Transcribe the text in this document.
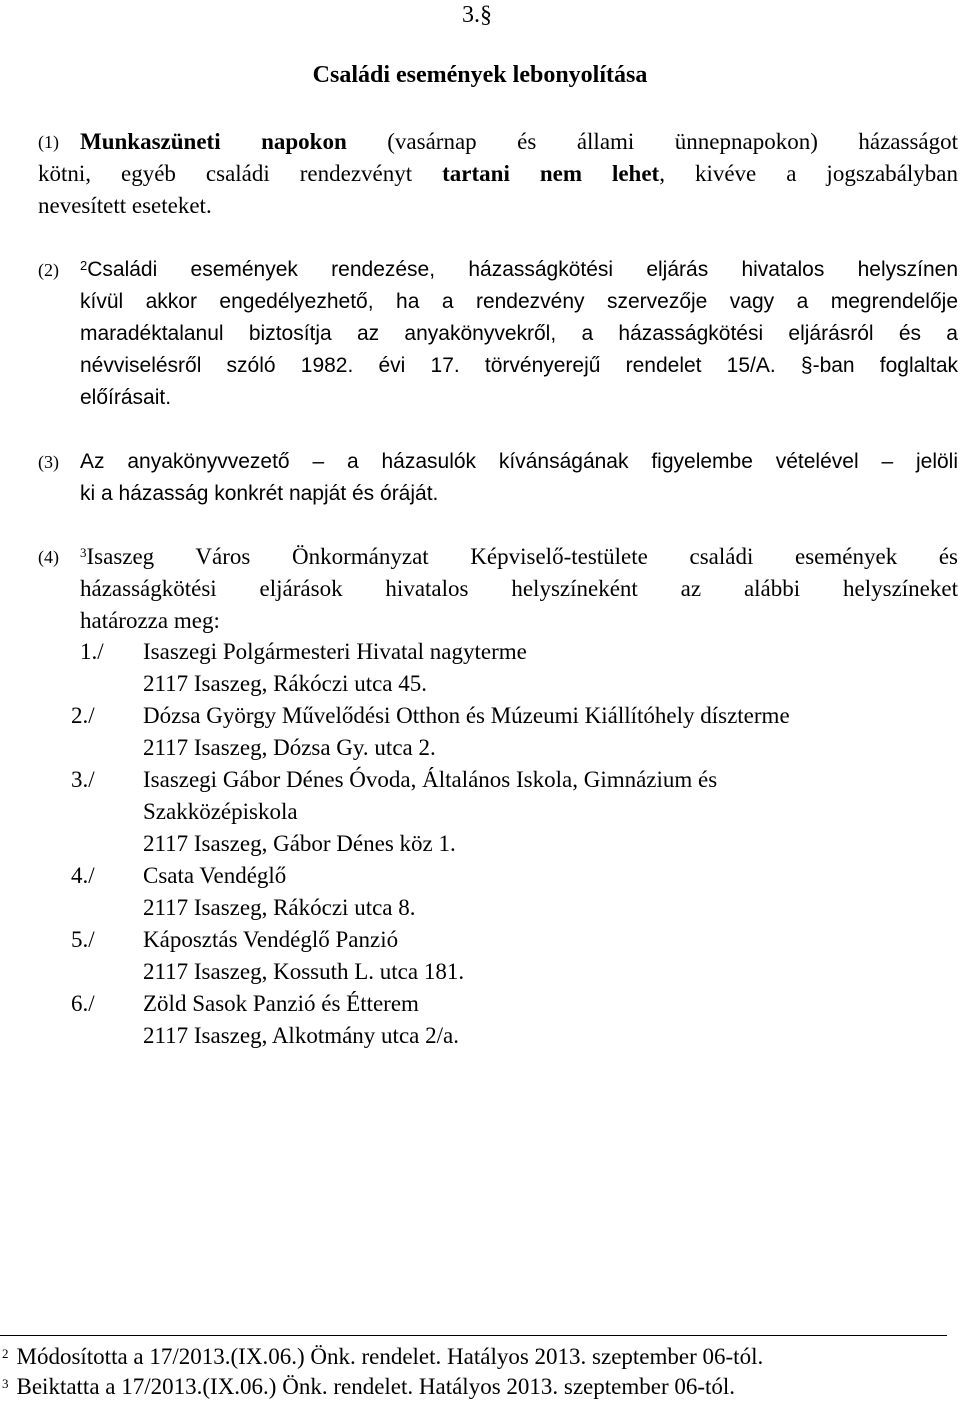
3.§
Családi események lebonyolítása
(1) Munkaszüneti napokon (vasárnap és állami ünnepnapokon) házasságot
kötni, egyéb családi rendezvényt tartani nem lehet, kivéve a jogszabályban
nevesített eseteket.
(2)	$^2$Családi események rendezése, házasságkötési eljárás hivatalos helyszínen
kívül akkor engedélyezhető, ha a rendezvény szervezője vagy a megrendelője
maradéktalanul biztosítja az anyakönyvekről, a házasságkötési eljárásról és a
névviselésről szóló 1982. évi 17. törvényerejű rendelet 15/A. §-ban foglaltak
előírásait.
(3)	Az anyakönyvvezető – a házasulók kívánságának figyelembe vételével – jelöli
ki a házasság konkrét napját és óráját.
(4)	$^3$Isaszeg Város Önkormányzat Képviselő-testülete családi események és
házasságkötési eljárások hivatalos helyszíneként az alábbi helyszíneket
határozza meg:
1./	Isaszegi Polgármesteri Hivatal nagyterme
2117 Isaszeg, Rákóczi utca 45.
2./	Dózsa György Művelődési Otthon és Múzeumi Kiállítóhely díszterme
2117 Isaszeg, Dózsa Gy. utca 2.
3./	Isaszegi Gábor Dénes Óvoda, Általános Iskola, Gimnázium és
Szakközépiskola
2117 Isaszeg, Gábor Dénes köz 1.
4./	Csata Vendéglő
2117 Isaszeg, Rákóczi utca 8.
5./	Káposztás Vendéglő Panzió
2117 Isaszeg, Kossuth L. utca 181.
6./	Zöld Sasok Panzió és Étterem
2117 Isaszeg, Alkotmány utca 2/a.
$^2$ Módosította a 17/2013.(IX.06.) Önk. rendelet. Hatályos 2013. szeptember 06-tól.
$^3$ Beiktatta a 17/2013.(IX.06.) Önk. rendelet. Hatályos 2013. szeptember 06-tól.
